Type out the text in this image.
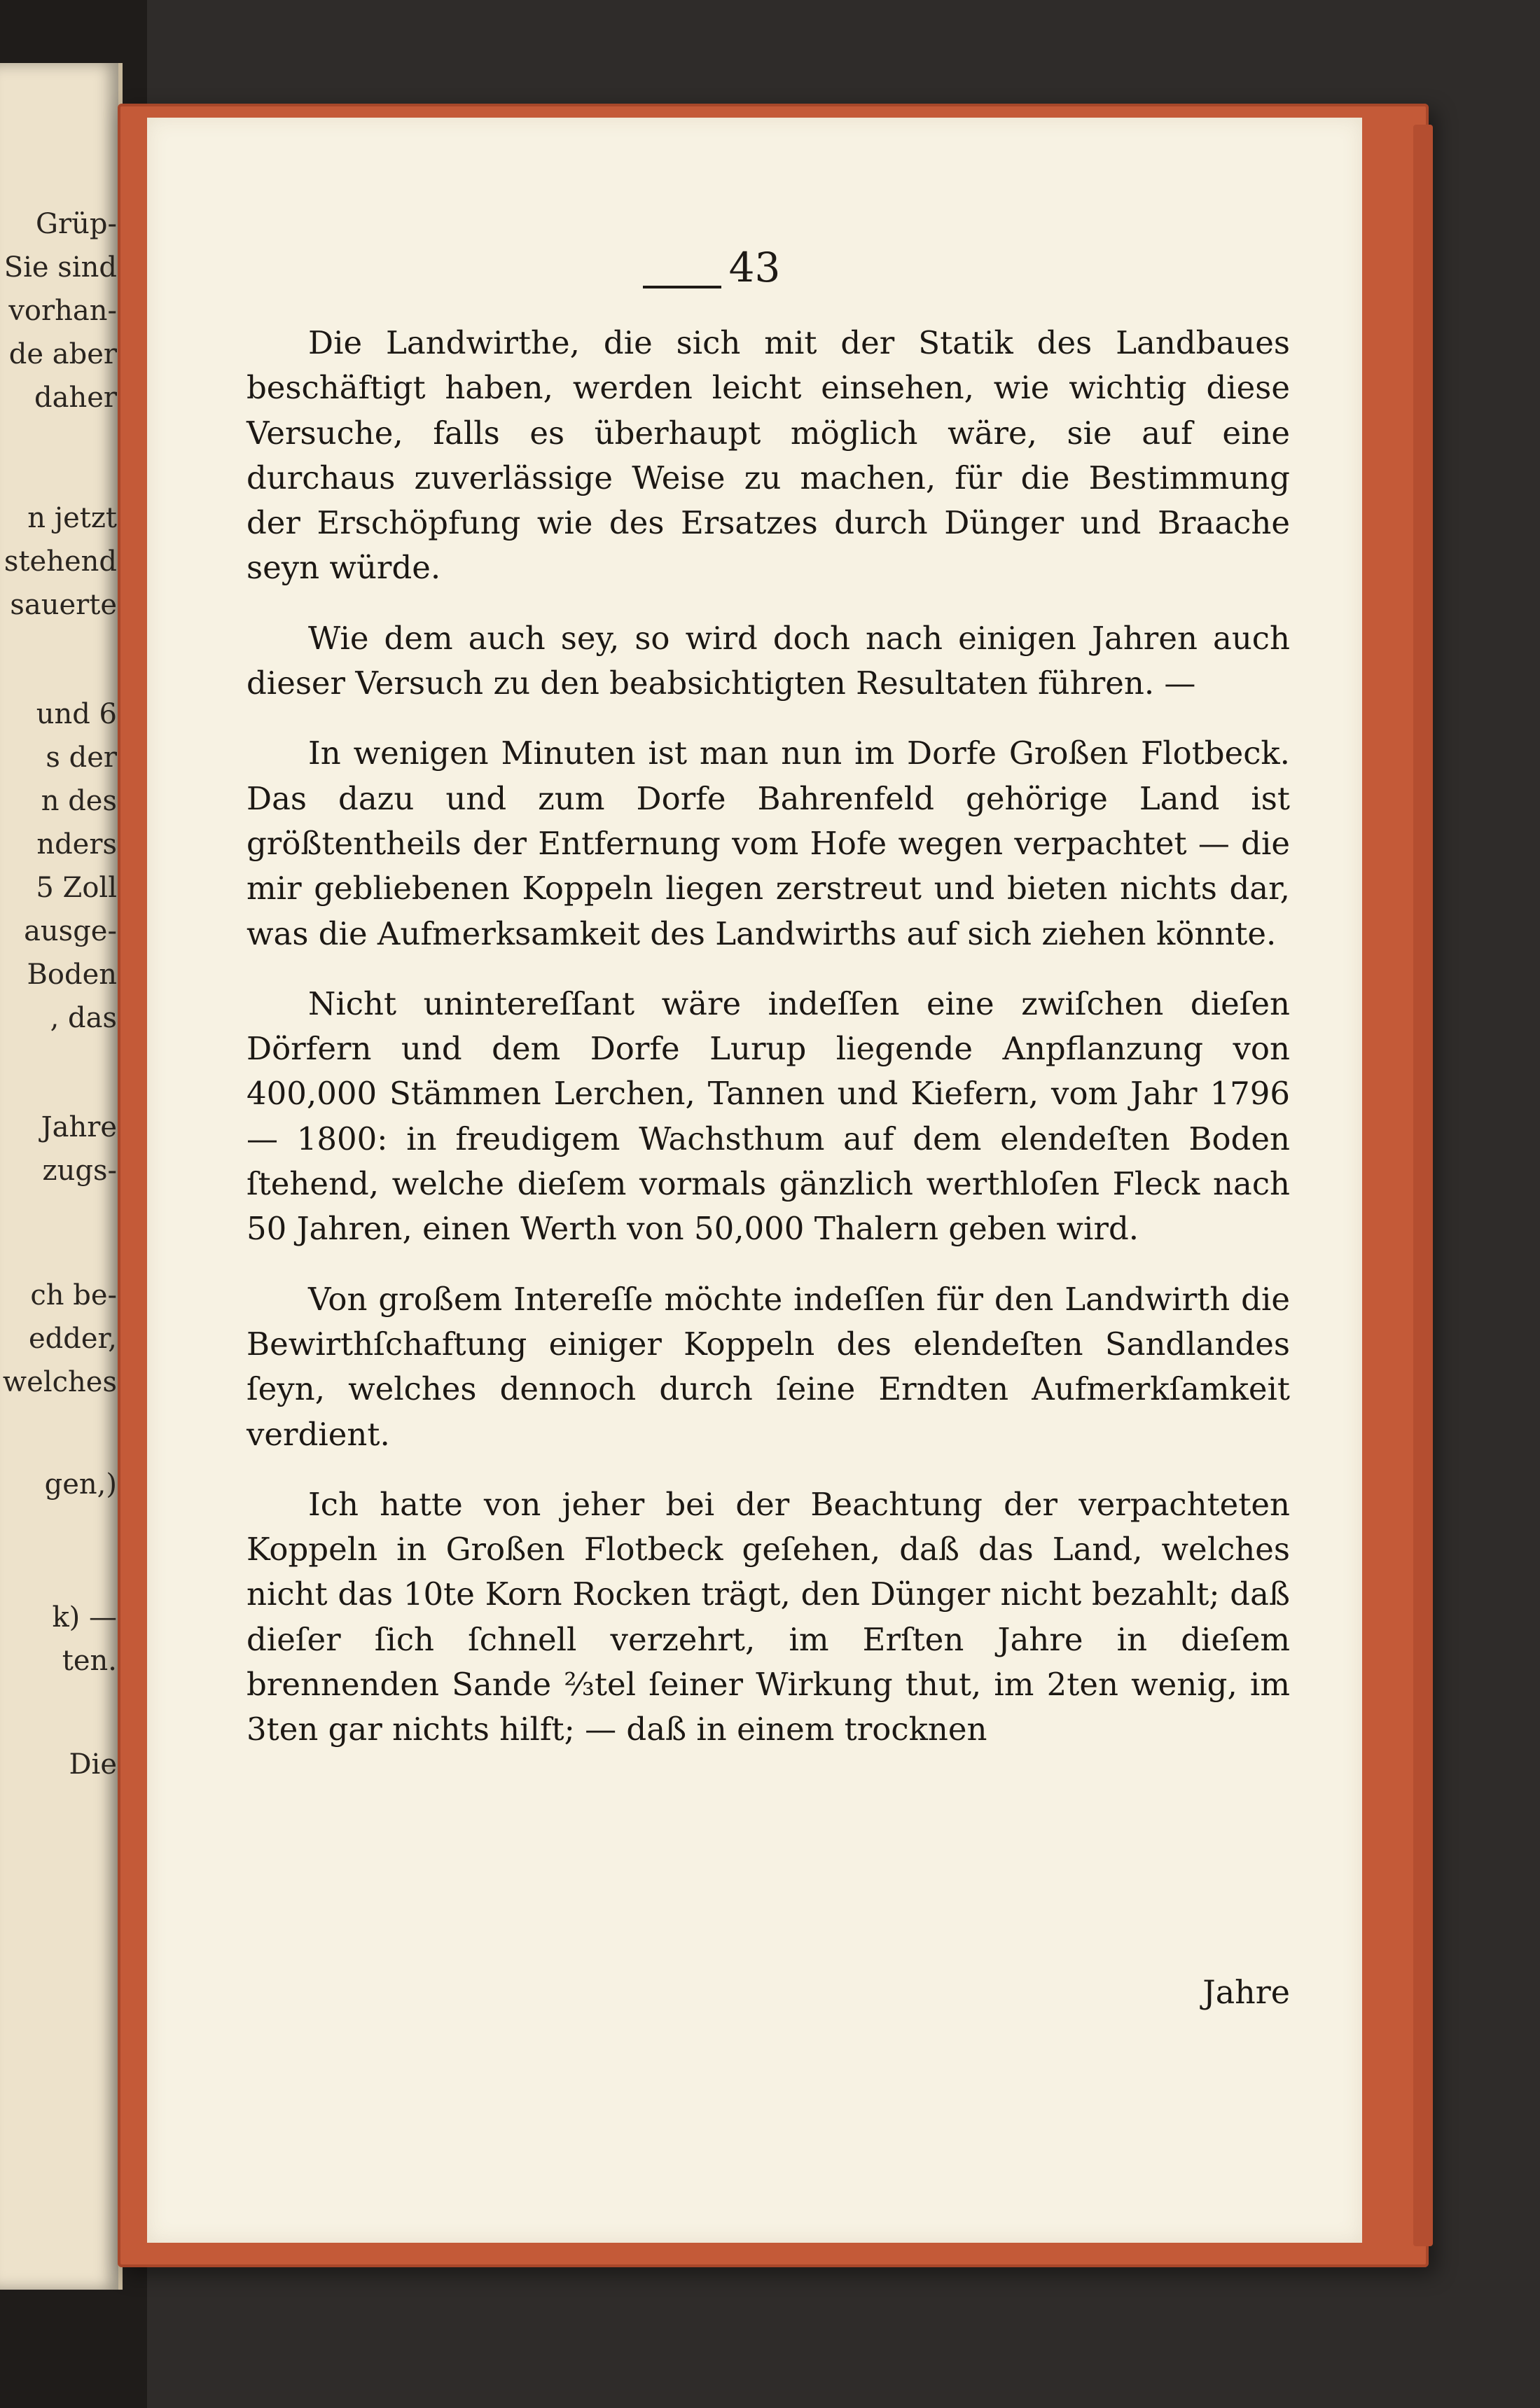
Grüp-

Sie sind

vorhan-

de aber

daher

n jetzt

stehend

sauerte

und 6

s der

n des

nders

5 Zoll

ausge-

Boden

, das

Jahre

zugs-

ch be-

edder,

welches

gen,)

k) —

ten.

Die

43

Die Landwirthe, die sich mit der Statik des Landbaues beschäftigt haben, werden leicht einsehen, wie wichtig diese Versuche, falls es überhaupt möglich wäre, sie auf eine durchaus zuverlässige Weise zu machen, für die Bestimmung der Erschöpfung wie des Ersatzes durch Dünger und Braache seyn würde.

Wie dem auch sey, so wird doch nach einigen Jahren auch dieser Versuch zu den beabsichtigten Resultaten führen. —

In wenigen Minuten ist man nun im Dorfe Großen Flotbeck. Das dazu und zum Dorfe Bahrenfeld gehörige Land ist größtentheils der Entfernung vom Hofe wegen verpachtet — die mir gebliebenen Koppeln liegen zerstreut und bieten nichts dar, was die Aufmerksamkeit des Landwirths auf sich ziehen könnte.

Nicht unintereſſant wäre indeſſen eine zwiſchen dieſen Dörfern und dem Dorfe Lurup liegende Anpflanzung von 400,000 Stämmen Lerchen, Tannen und Kiefern, vom Jahr 1796 — 1800: in freudigem Wachsthum auf dem elendeſten Boden ſtehend, welche dieſem vormals gänzlich werthloſen Fleck nach 50 Jahren, einen Werth von 50,000 Thalern geben wird.

Von großem Intereſſe möchte indeſſen für den Landwirth die Bewirthſchaftung einiger Koppeln des elendeſten Sandlandes ſeyn, welches dennoch durch ſeine Erndten Aufmerkſamkeit verdient.

Ich hatte von jeher bei der Beachtung der verpachteten Koppeln in Großen Flotbeck geſehen, daß das Land, welches nicht das 10te Korn Rocken trägt, den Dünger nicht bezahlt; daß dieſer ſich ſchnell verzehrt, im Erſten Jahre in dieſem brennenden Sande ⅔tel ſeiner Wirkung thut, im 2ten wenig, im 3ten gar nichts hilft; — daß in einem trocknen

Jahre
